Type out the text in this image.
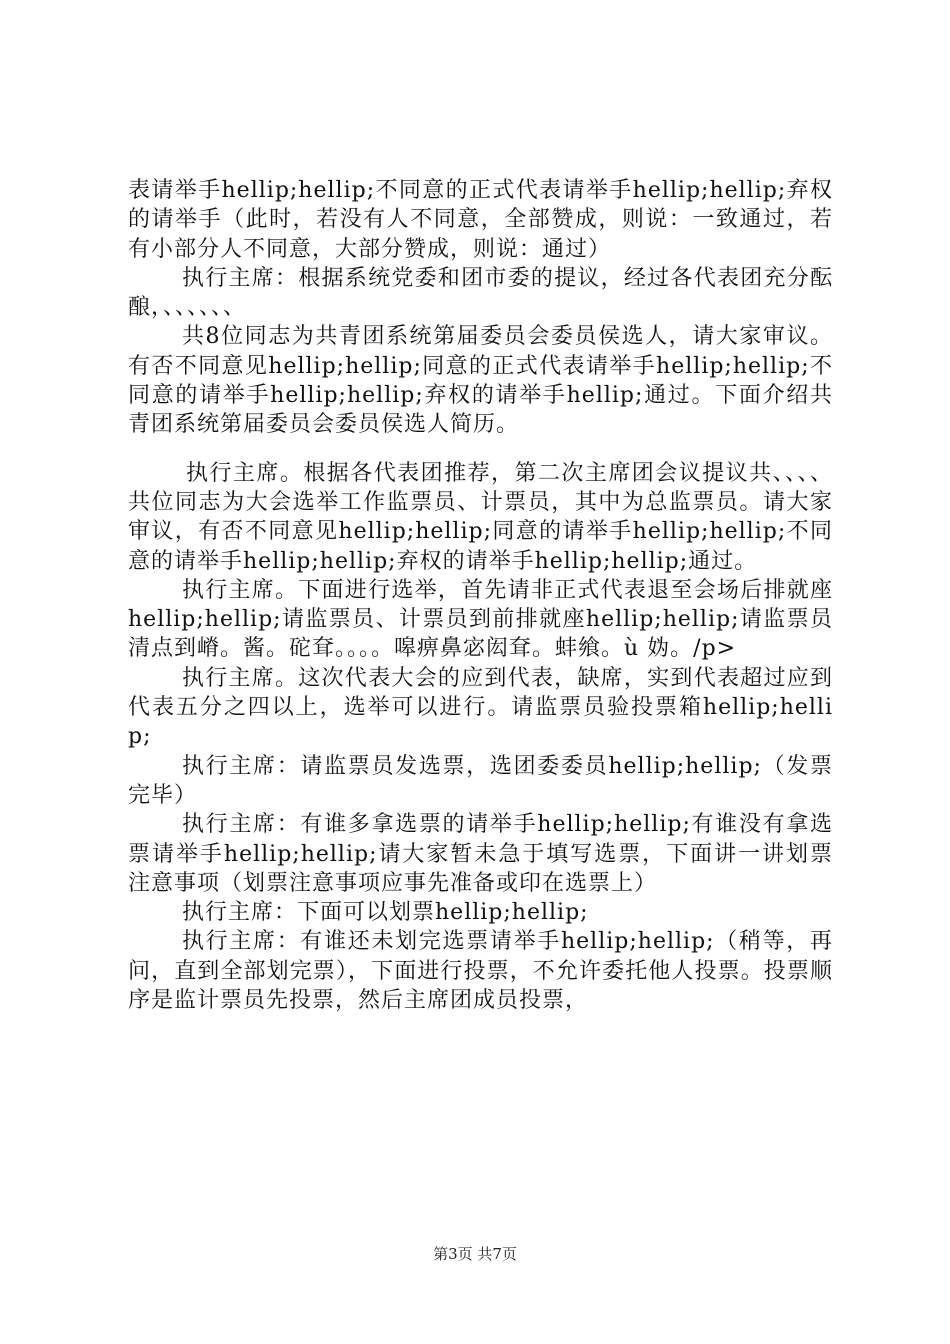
表请举手hellip;hellip;不同意的正式代表请举手hellip;hellip;弃权的请举手（此时，若没有人不同意，全部赞成，则说：一致通过，若有小部分人不同意，大部分赞成，则说：通过）

执行主席：根据系统党委和团市委的提议，经过各代表团充分酝酿，、、、、、、

共8位同志为共青团系统第届委员会委员侯选人，请大家审议。有否不同意见hellip;hellip;同意的正式代表请举手hellip;hellip;不同意的请举手hellip;hellip;弃权的请举手hellip;通过。下面介绍共青团系统第届委员会委员侯选人简历。

执行主席。根据各代表团推荐，第二次主席团会议提议共、、、、共位同志为大会选举工作监票员、计票员，其中为总监票员。请大家审议，有否不同意见hellip;hellip;同意的请举手hellip;hellip;不同意的请举手hellip;hellip;弃权的请举手hellip;hellip;通过。

执行主席。下面进行选举，首先请非正式代表退至会场后排就座hellip;hellip;请监票员、计票员到前排就座hellip;hellip;请监票员清点到嵴。酱。砣耷。。。。嗥痹鼻宓闳耷。蚌飨。ù 妫。/p>

执行主席。这次代表大会的应到代表，缺席，实到代表超过应到代表五分之四以上，选举可以进行。请监票员验投票箱hellip;hellip;

执行主席：请监票员发选票，选团委委员hellip;hellip;（发票完毕）

执行主席：有谁多拿选票的请举手hellip;hellip;有谁没有拿选票请举手hellip;hellip;请大家暂未急于填写选票，下面讲一讲划票注意事项（划票注意事项应事先准备或印在选票上）

执行主席：下面可以划票hellip;hellip;

执行主席：有谁还未划完选票请举手hellip;hellip;（稍等，再问，直到全部划完票），下面进行投票，不允许委托他人投票。投票顺序是监计票员先投票，然后主席团成员投票，

第3页 共7页
